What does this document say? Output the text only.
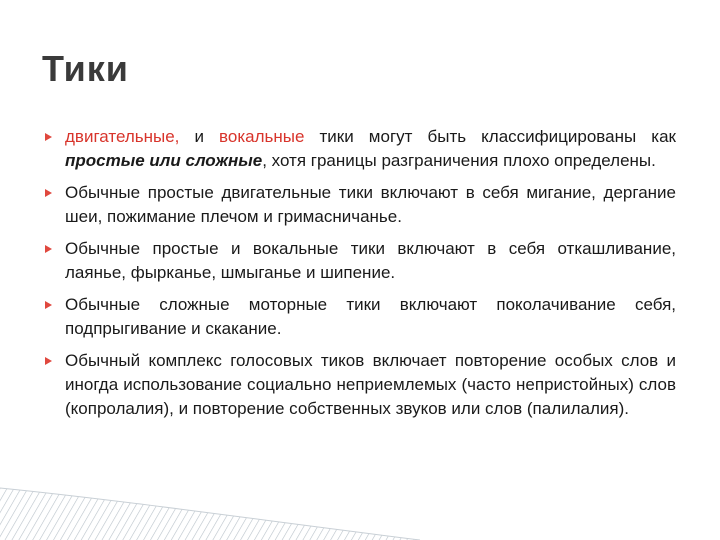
Тики
двигательные, и вокальные тики могут быть классифицированы как простые или сложные, хотя границы разграничения плохо определены.
Обычные простые двигательные тики включают в себя мигание, дергание шеи, пожимание плечом и гримасничанье.
Обычные простые и вокальные тики включают в себя откашливание, лаянье, фырканье, шмыганье и шипение.
Обычные сложные моторные тики включают поколачивание себя, подпрыгивание и скакание.
Обычный комплекс голосовых тиков включает повторение особых слов и иногда использование социально неприемлемых (часто непристойных) слов (копролалия), и повторение собственных звуков или слов (палилалия).
